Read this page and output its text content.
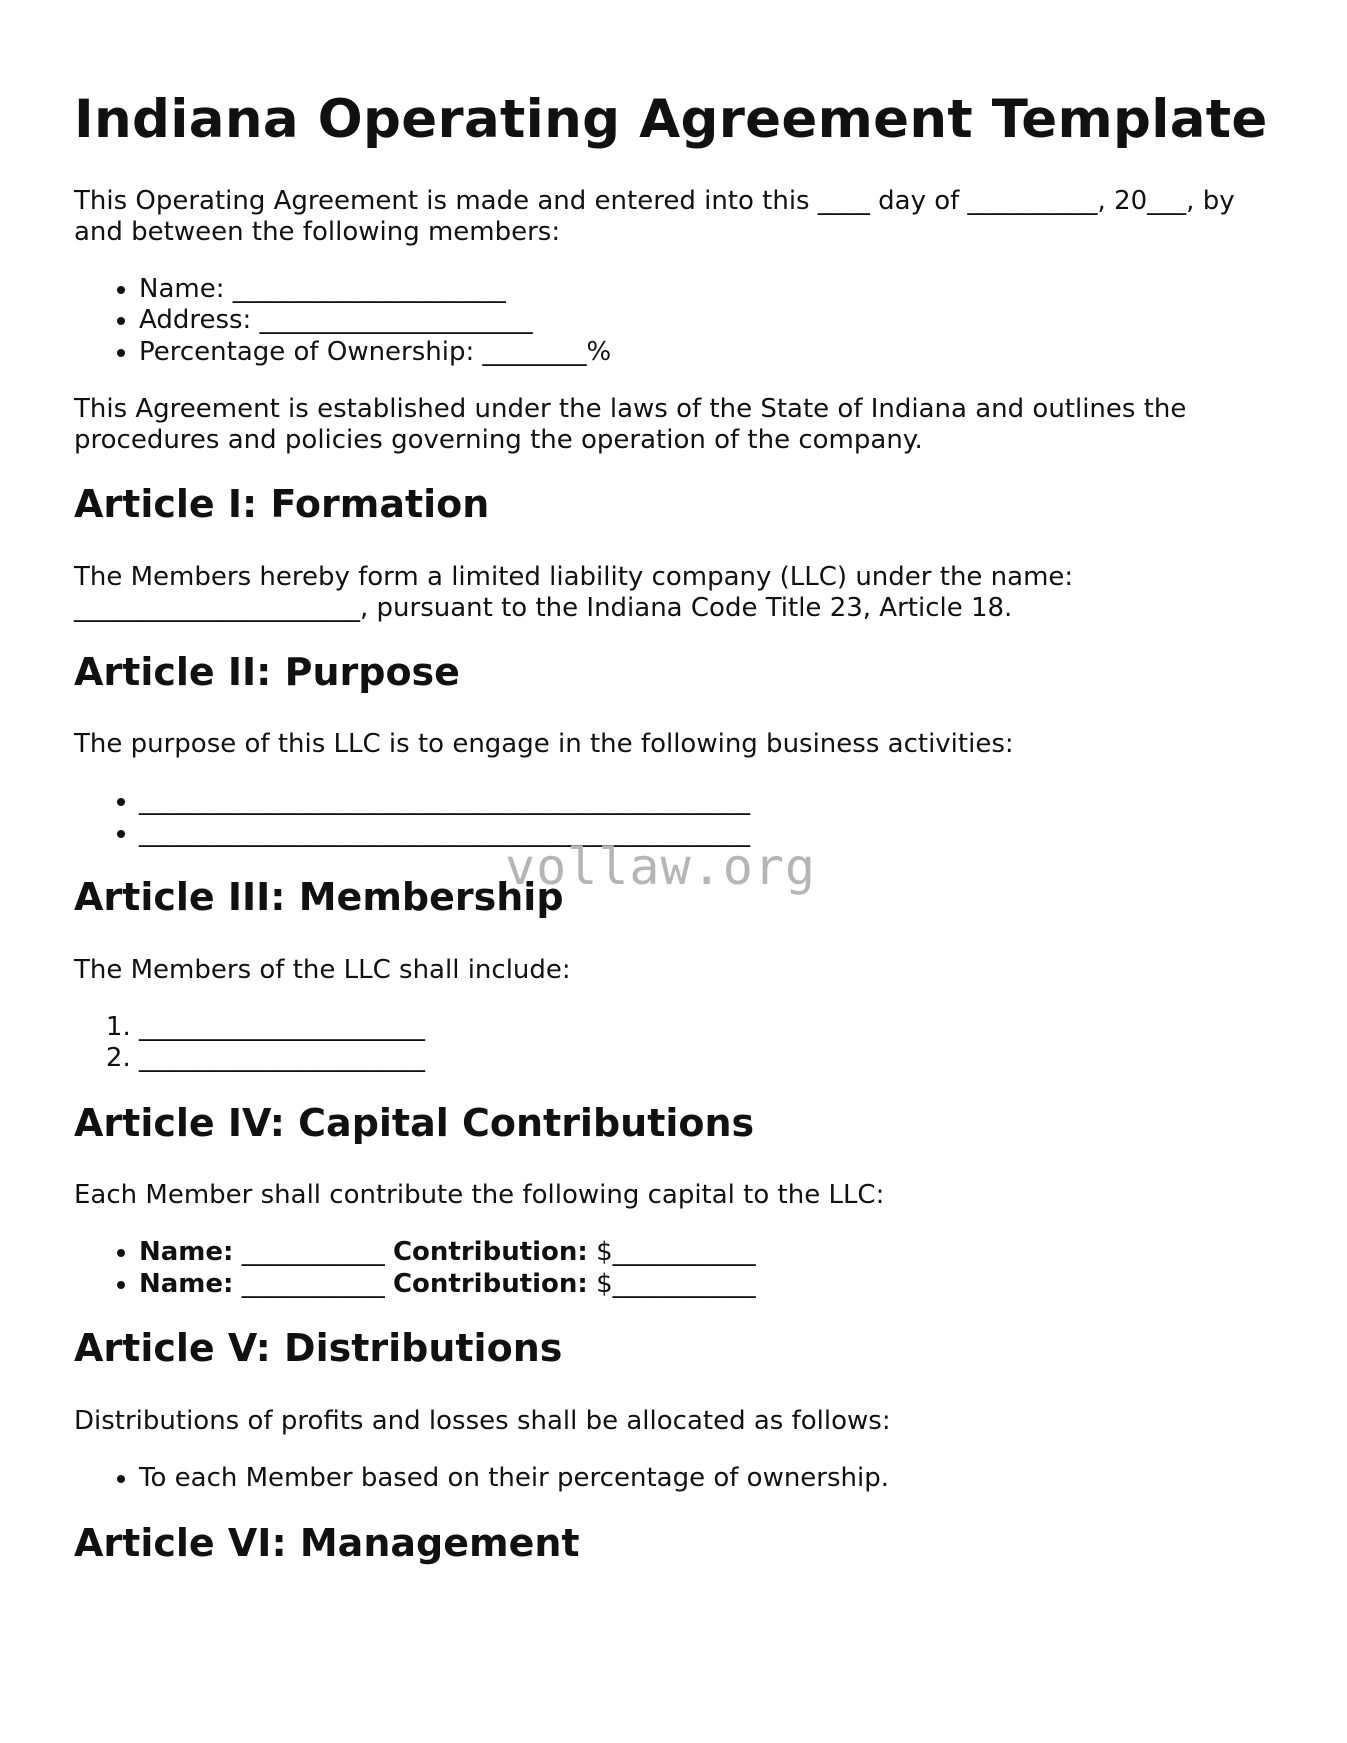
Indiana Operating Agreement Template

This Operating Agreement is made and entered into this ____ day of __________, 20___, by and between the following members:

• Name: _____________________
• Address: _____________________
• Percentage of Ownership: ________%

This Agreement is established under the laws of the State of Indiana and outlines the procedures and policies governing the operation of the company.

Article I: Formation

The Members hereby form a limited liability company (LLC) under the name: ______________________, pursuant to the Indiana Code Title 23, Article 18.

Article II: Purpose

The purpose of this LLC is to engage in the following business activities:

• _______________________________________________
• _______________________________________________
Article III: Membership

The Members of the LLC shall include:

1. ______________________
2. ______________________
Article IV: Capital Contributions

Each Member shall contribute the following capital to the LLC:

• Name: ___________ Contribution: $___________
• Name: ___________ Contribution: $___________
Article V: Distributions

Distributions of profits and losses shall be allocated as follows:

• To each Member based on their percentage of ownership.
Article VI: Management
vollaw.org
